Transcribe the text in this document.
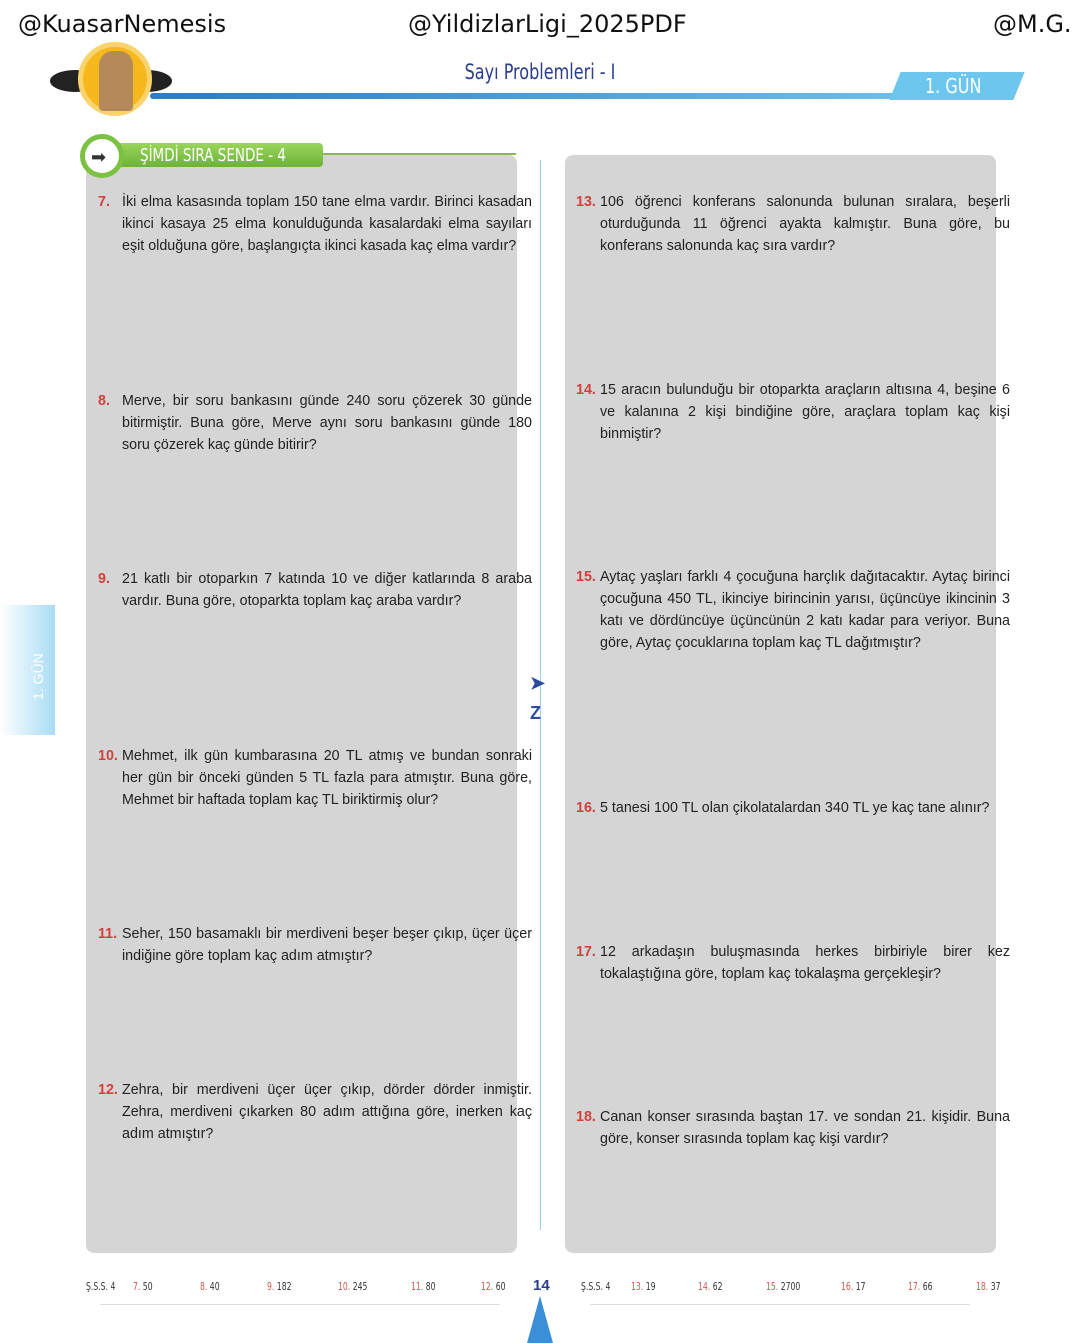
@KuasarNemesis	@YildizlarLigi_2025PDF	@M.G.
Sayı Problemleri - I
1. GÜN
ŞİMDİ SIRA SENDE - 4
➡
1. GÜN	➤
Z
7. İki elma kasasında toplam 150 tane elma vardır. Birinci kasadan ikinci kasaya 25 elma konulduğunda kasalardaki elma sayıları eşit olduğuna göre, başlangıçta ikinci kasada kaç elma vardır?

8. Merve, bir soru bankasını günde 240 soru çözerek 30 günde bitirmiştir. Buna göre, Merve aynı soru bankasını günde 180 soru çözerek kaç günde bitirir?

9. 21 katlı bir otoparkın 7 katında 10 ve diğer katlarında 8 araba vardır. Buna göre, otoparkta toplam kaç araba vardır?

10. Mehmet, ilk gün kumbarasına 20 TL atmış ve bundan sonraki her gün bir önceki günden 5 TL fazla para atmıştır. Buna göre, Mehmet bir haftada toplam kaç TL biriktirmiş olur?

11. Seher, 150 basamaklı bir merdiveni beşer beşer çıkıp, üçer üçer indiğine göre toplam kaç adım atmıştır?

12. Zehra, bir merdiveni üçer üçer çıkıp, dörder dörder inmiştir. Zehra, merdiveni çıkarken 80 adım attığına göre, inerken kaç adım atmıştır?

13. 106 öğrenci konferans salonunda bulunan sıralara, beşerli oturduğunda 11 öğrenci ayakta kalmıştır. Buna göre, bu konferans salonunda kaç sıra vardır?

14. 15 aracın bulunduğu bir otoparkta araçların altısına 4, beşine 6 ve kalanına 2 kişi bindiğine göre, araçlara toplam kaç kişi binmiştir?

15. Aytaç yaşları farklı 4 çocuğuna harçlık dağıtacaktır. Aytaç birinci çocuğuna 450 TL, ikinciye birincinin yarısı, üçüncüye ikincinin 3 katı ve dördüncüye üçüncünün 2 katı kadar para veriyor. Buna göre, Aytaç çocuklarına toplam kaç TL dağıtmıştır?

16. 5 tanesi 100 TL olan çikolatalardan 340 TL ye kaç tane alınır?

17. 12 arkadaşın buluşmasında herkes birbiriyle birer kez tokalaştığına göre, toplam kaç tokalaşma gerçekleşir?

18. Canan konser sırasında baştan 17. ve sondan 21. kişidir. Buna göre, konser sırasında toplam kaç kişi vardır?

Ş.S.S. 4	Ş.S.S. 4
7. 50	8. 40	9. 182	10. 245	11. 80	12. 60	13. 19	14. 62	15. 2700	16. 17	17. 66	18. 37
14
